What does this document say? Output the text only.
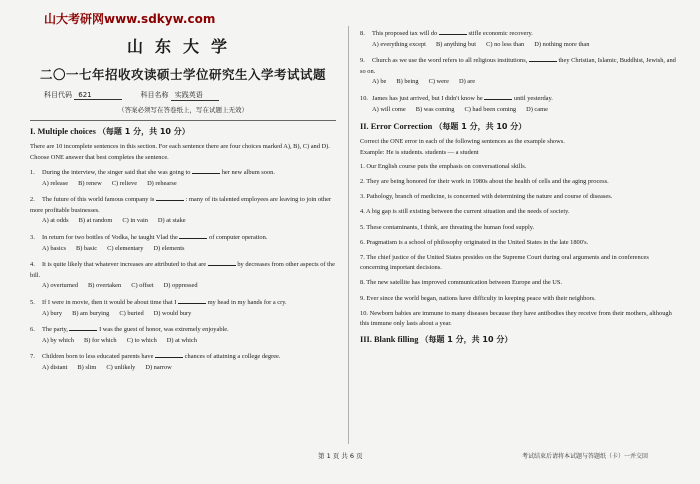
山大考研网www.sdkyw.com
山东大学
二〇一七年招收攻读硕士学位研究生入学考试试题
科目代码 621	科目名称 实践英语
（答案必须写在答卷纸上，写在试题上无效）
I. Multiple choices （每题 1 分，共 10 分）
There are 10 incomplete sentences in this section. For each sentence there are four choices marked A), B), C) and D). Choose ONE answer that best completes the sentence.
1. During the interview, the singer said that she was going to	her new album soon.
A) release B) renew C) relieve D) rehearse
2. The future of this world famous company is	: many of its talented employees are leaving to join other more profitable businesses.
A) at odds B) at random C) in vain D) at stake
3. In return for two bottles of Vodka, he taught Vlad the	of computer operation.
A) basics B) basic C) elementary D) elements
4. It is quite likely that whatever increases are attributed to that are	by decreases from other aspects of the bill.
A) overturned B) overtaken C) offset D) oppressed
5. If I were in movie, then it would be about time that I	my head in my hands for a cry.
A) bury B) am burying C) buried D) would bury
6. The party,	I was the guest of honor, was extremely enjoyable.
A) by which B) for which C) to which D) at which
7. Children born to less educated parents have	chances of attaining a college degree.
A) distant B) slim C) unlikely D) narrow
8. This proposed tax will do	stifle economic recovery.
A) everything except B) anything but C) no less than D) nothing more than
9. Church as we use the word refers to all religious institutions,	they Christian, Islamic, Buddhist, Jewish, and so on.
A) be B) being C) were D) are
10. James has just arrived, but I didn't know he	until yesterday.
A) will come B) was coming C) had been coming D) came
II. Error Correction （每题 1 分，共 10 分）
Correct the ONE error in each of the following sentences as the example shows.
Example: He is students. students — a student
1. Our English course puts the emphasis on conversational skills.
2. They are being honored for their work in 1980s about the health of cells and the aging process.
3. Pathology, branch of medicine, is concerned with determining the nature and course of diseases.
4. A big gap is still existing between the current situation and the needs of society.
5. These contaminants, I think, are threating the human food supply.
6. Pragmatism is a school of philosophy originated in the United States in the late 1800's.
7. The chief justice of the United States presides on the Supreme Court during oral arguments and in conferences concerning important decisions.
8. The new satellite has improved communication between Europe and the US.
9. Ever since the world began, nations have difficulty in keeping peace with their neighbors.
10. Newborn babies are immune to many diseases because they have antibodies they receive from their mothers, although this immune only lasts about a year.
III. Blank filling （每题 1 分，共 10 分）
第 1 页 共 6 页	考试结束后请将本试题与答题纸（卡）一并交回
